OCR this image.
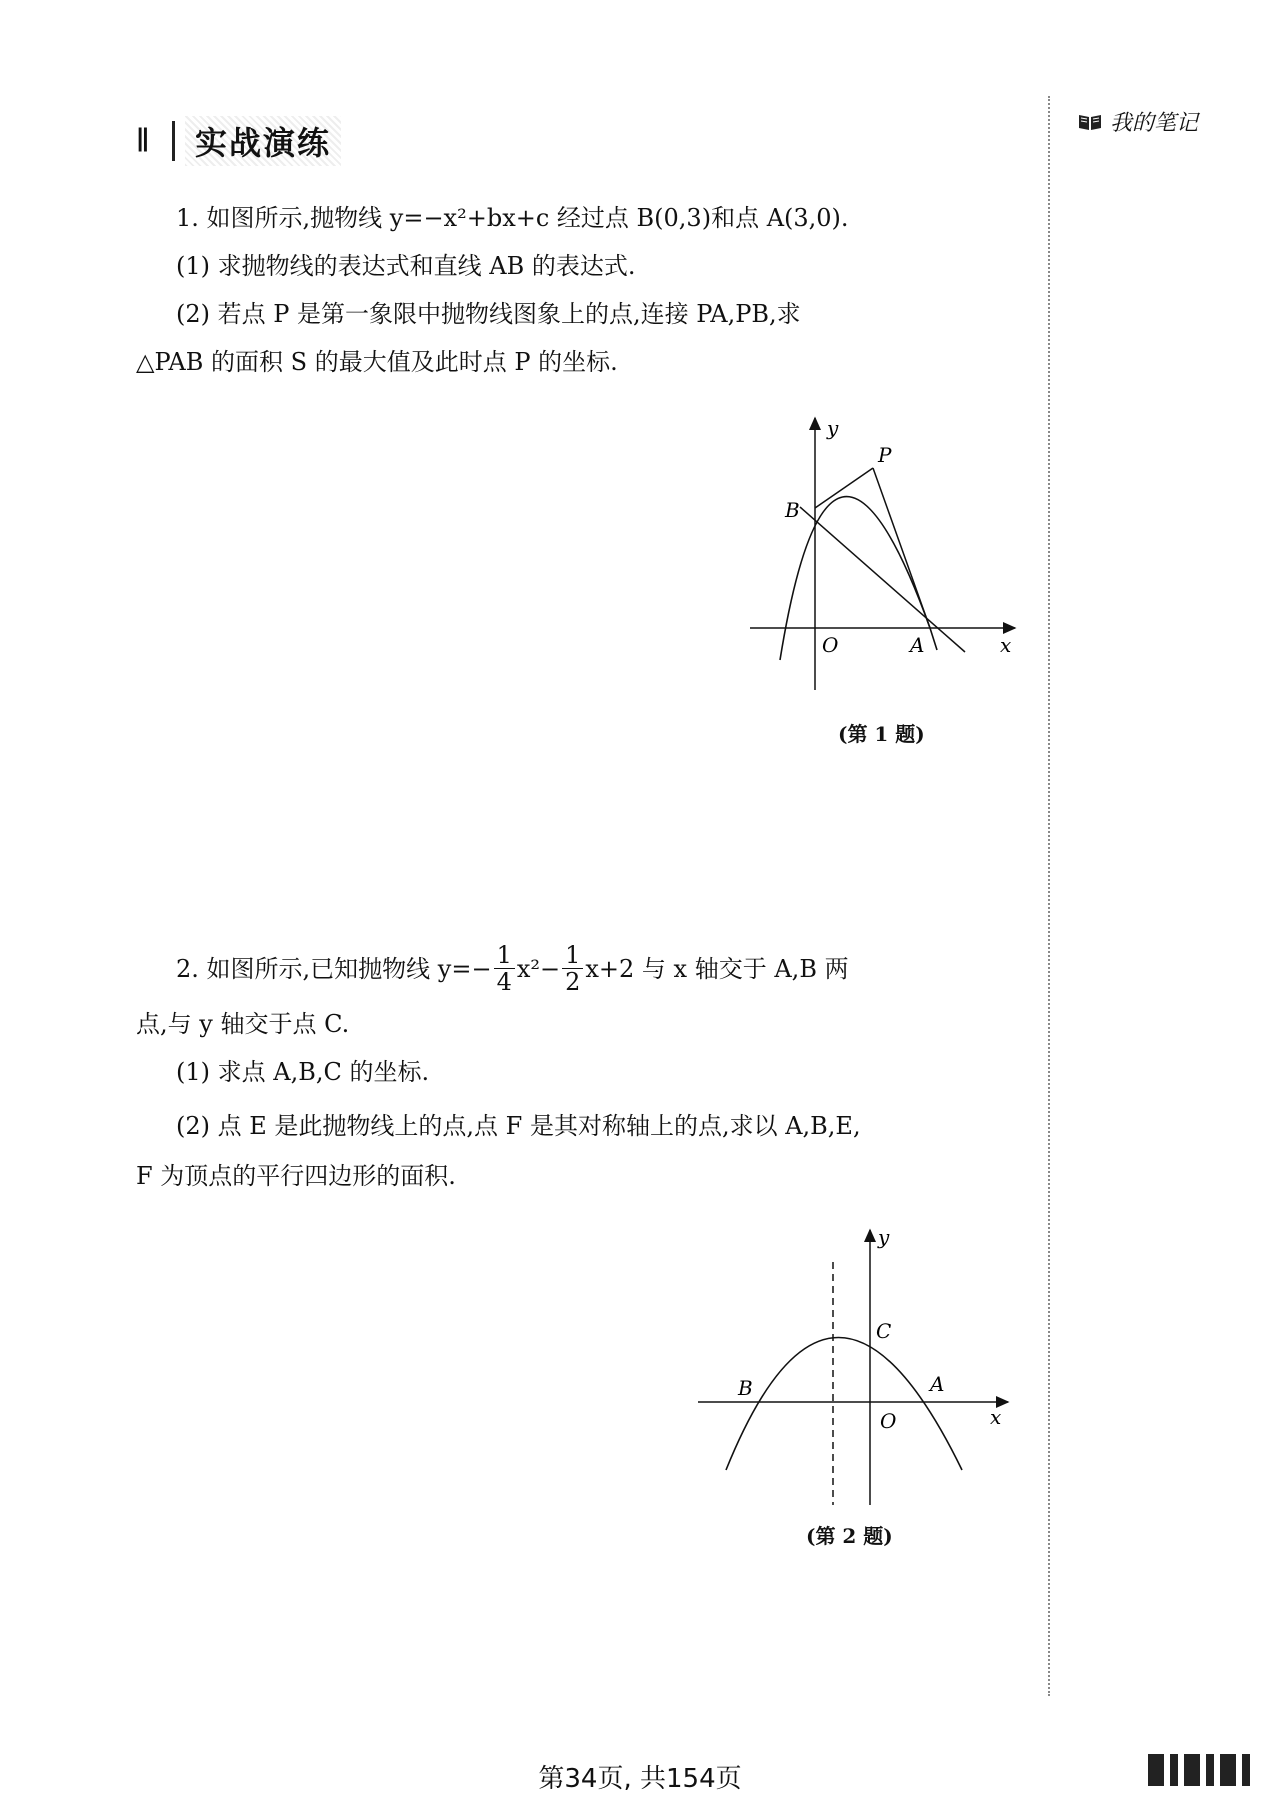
∥	实战演练
我的笔记
1. 如图所示,抛物线 y=−x²+bx+c 经过点 B(0,3)和点 A(3,0).
(1) 求抛物线的表达式和直线 AB 的表达式.
(2) 若点 P 是第一象限中抛物线图象上的点,连接 PA,PB,求
△PAB 的面积 S 的最大值及此时点 P 的坐标.
y
x
B
P
O	A
(第 1 题)
2. 如图所示,已知抛物线 $y=- \frac{1}{4} x^2- \frac{1}{2} x+2$ 与 x 轴交于 A,B 两
点,与 y 轴交于点 C.
(1) 求点 A,B,C 的坐标.
(2) 点 E 是此抛物线上的点,点 F 是其对称轴上的点,求以 A,B,E,
F 为顶点的平行四边形的面积.
y
x
C
B	A
O
(第 2 题)
第34页, 共154页
